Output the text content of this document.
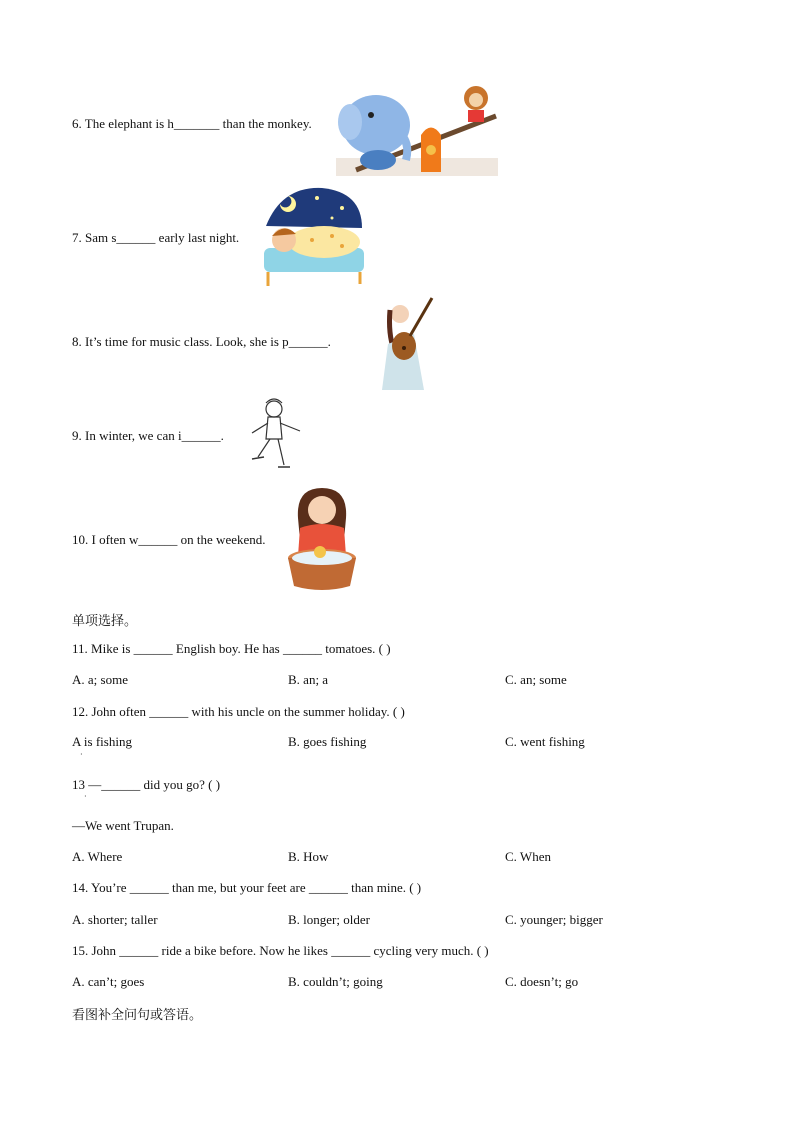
6. The elephant is h_______ than the monkey.
7. Sam s______ early last night.
8. It’s time for music class. Look, she is p______.
9. In winter, we can i______.
10. I often w______ on the weekend.
单项选择。
11. Mike is ______ English boy. He has ______ tomatoes. ( )
A. a; some	B. an; a	C. an; some
12. John often ______ with his uncle on the summer holiday. ( )
A is fishing
·
B. goes fishing	C. went fishing
13 —______ did you go? ( )
·
—We went Trupan.
A. Where	B. How	C. When
14. You’re ______ than me, but your feet are ______ than mine. ( )
A. shorter; taller	B. longer; older	C. younger; bigger
15. John ______ ride a bike before. Now he likes ______ cycling very much. ( )
A. can’t; goes	B. couldn’t; going	C. doesn’t; go
看图补全问句或答语。
